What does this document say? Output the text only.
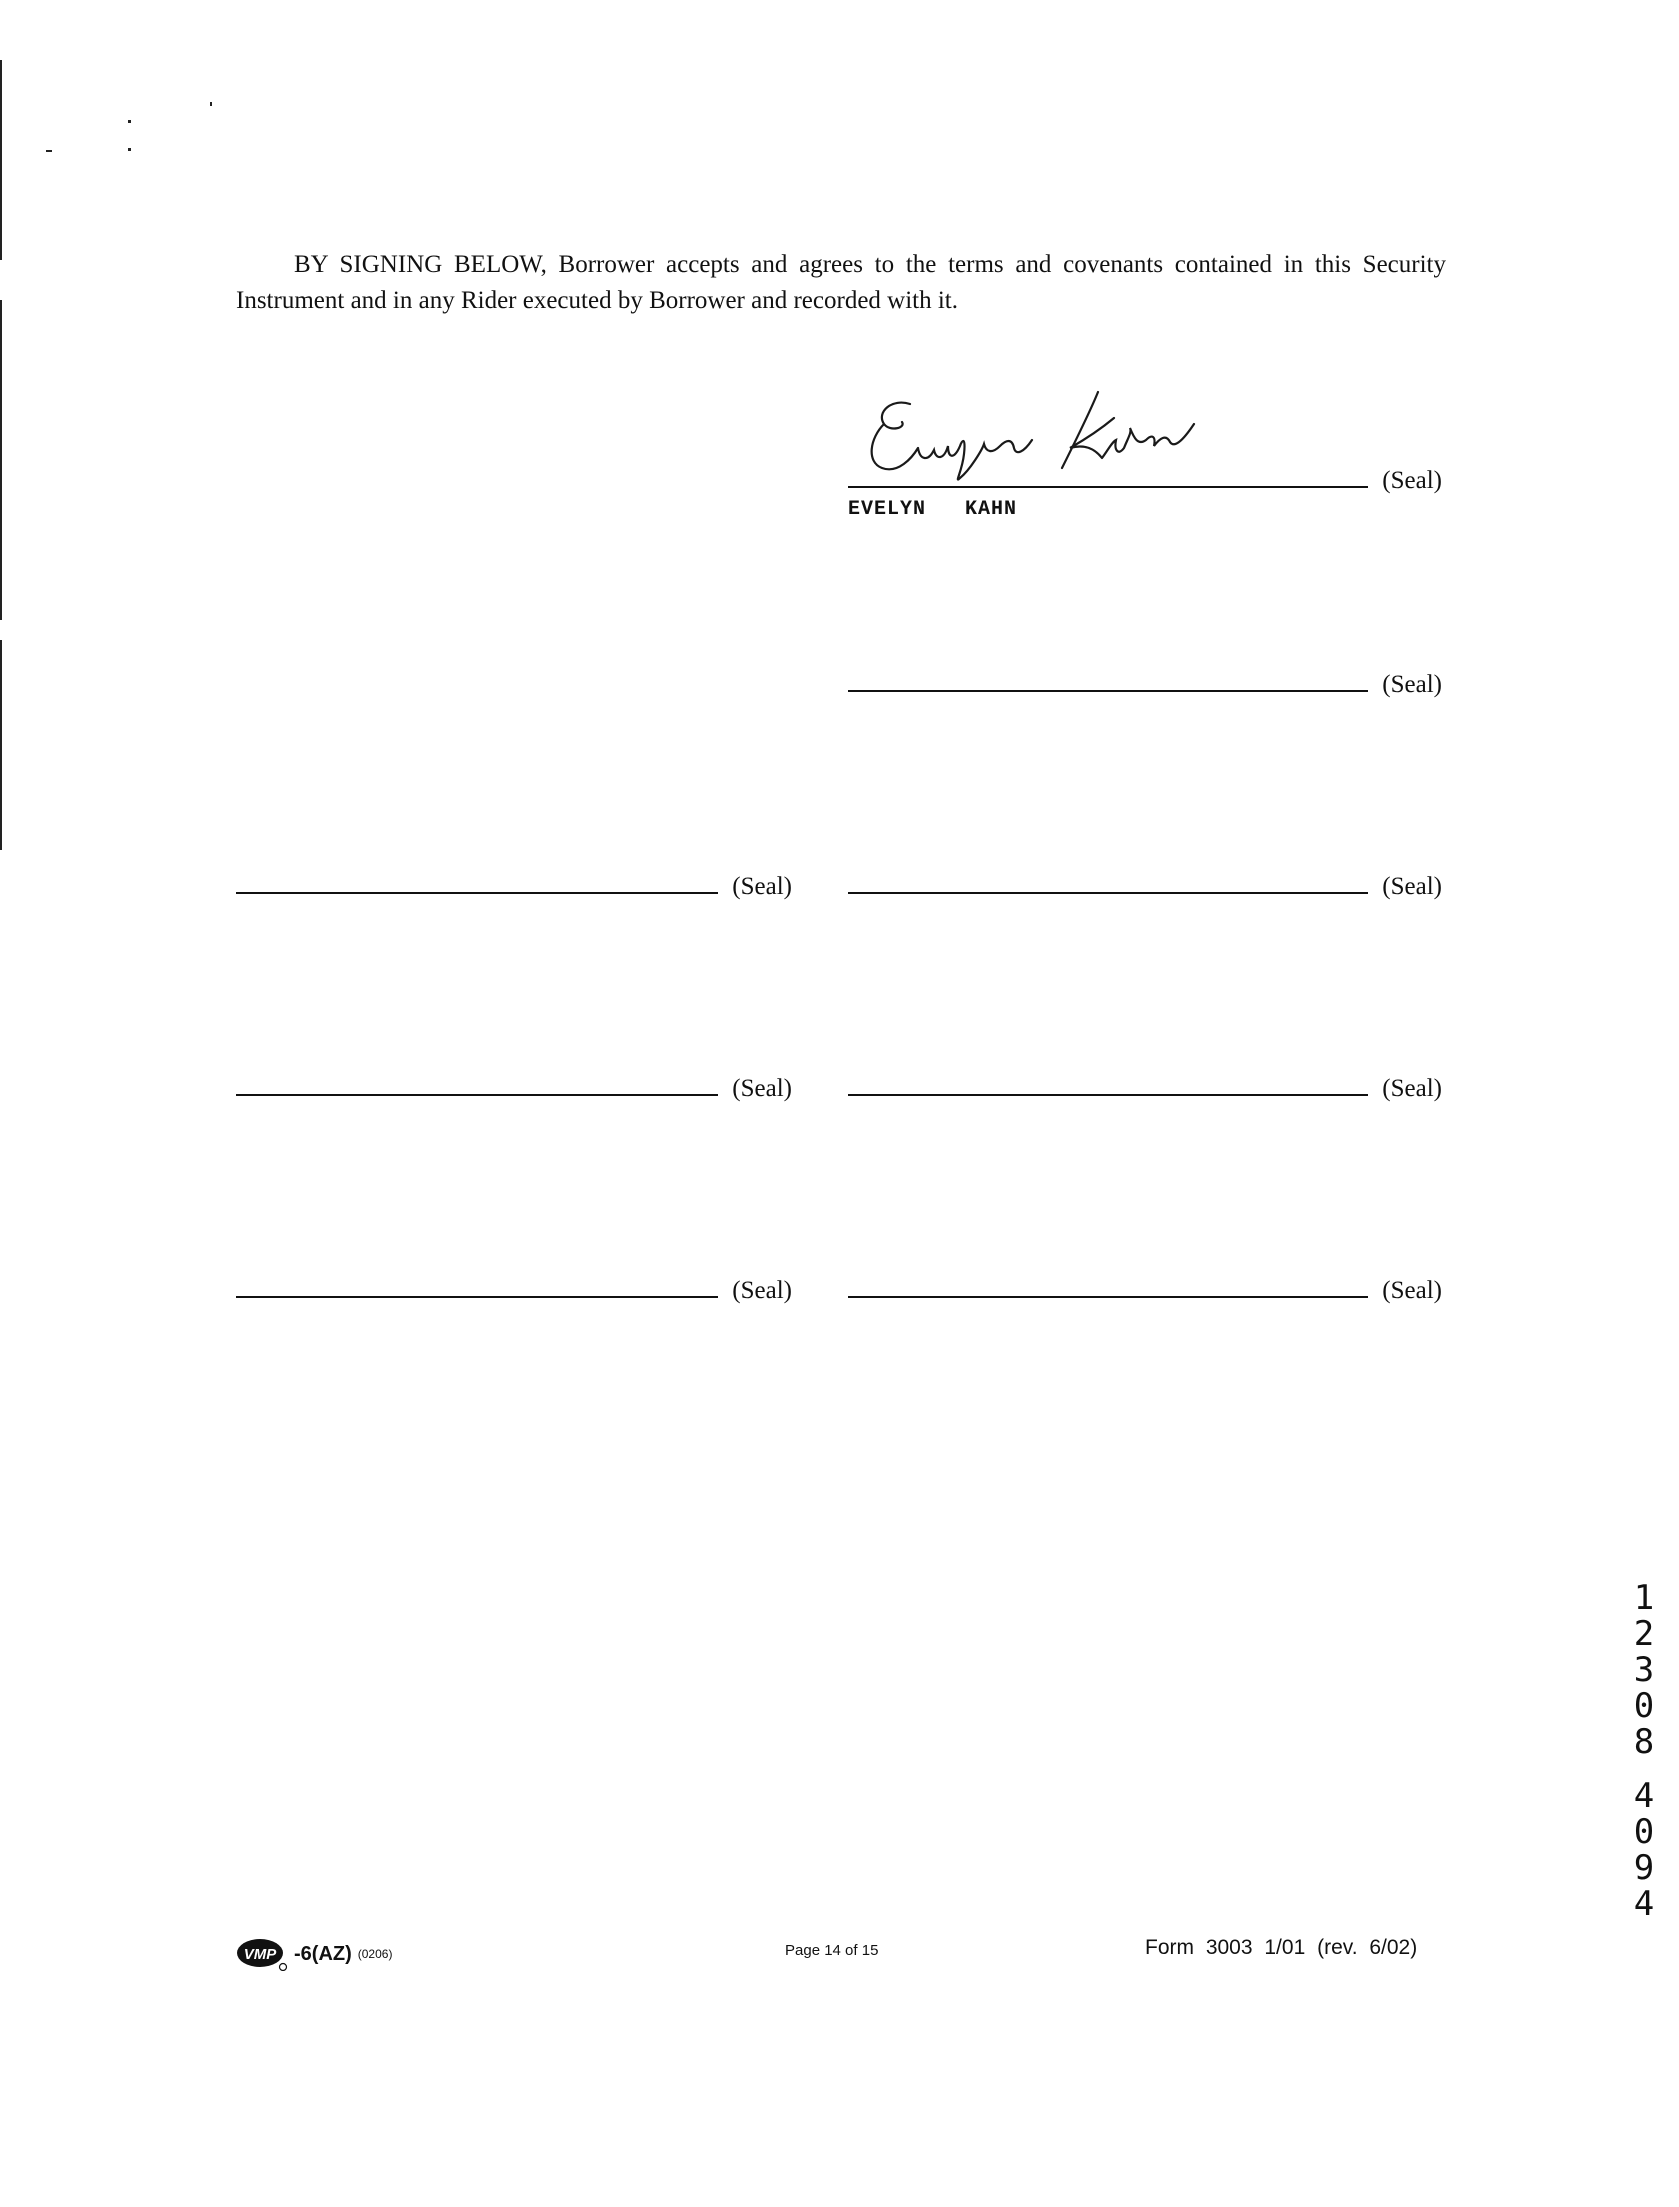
BY SIGNING BELOW, Borrower accepts and agrees to the terms and covenants contained in this Security Instrument and in any Rider executed by Borrower and recorded with it.

(Seal)
EVELYN   KAHN
(Seal)
(Seal)
(Seal)
(Seal)
(Seal)
(Seal)
(Seal)
VMP -6(AZ) (0206)	Page 14 of 15	Form 3003 1/01 (rev. 6/02)
1
2
3
0
8
4
0
9
4
